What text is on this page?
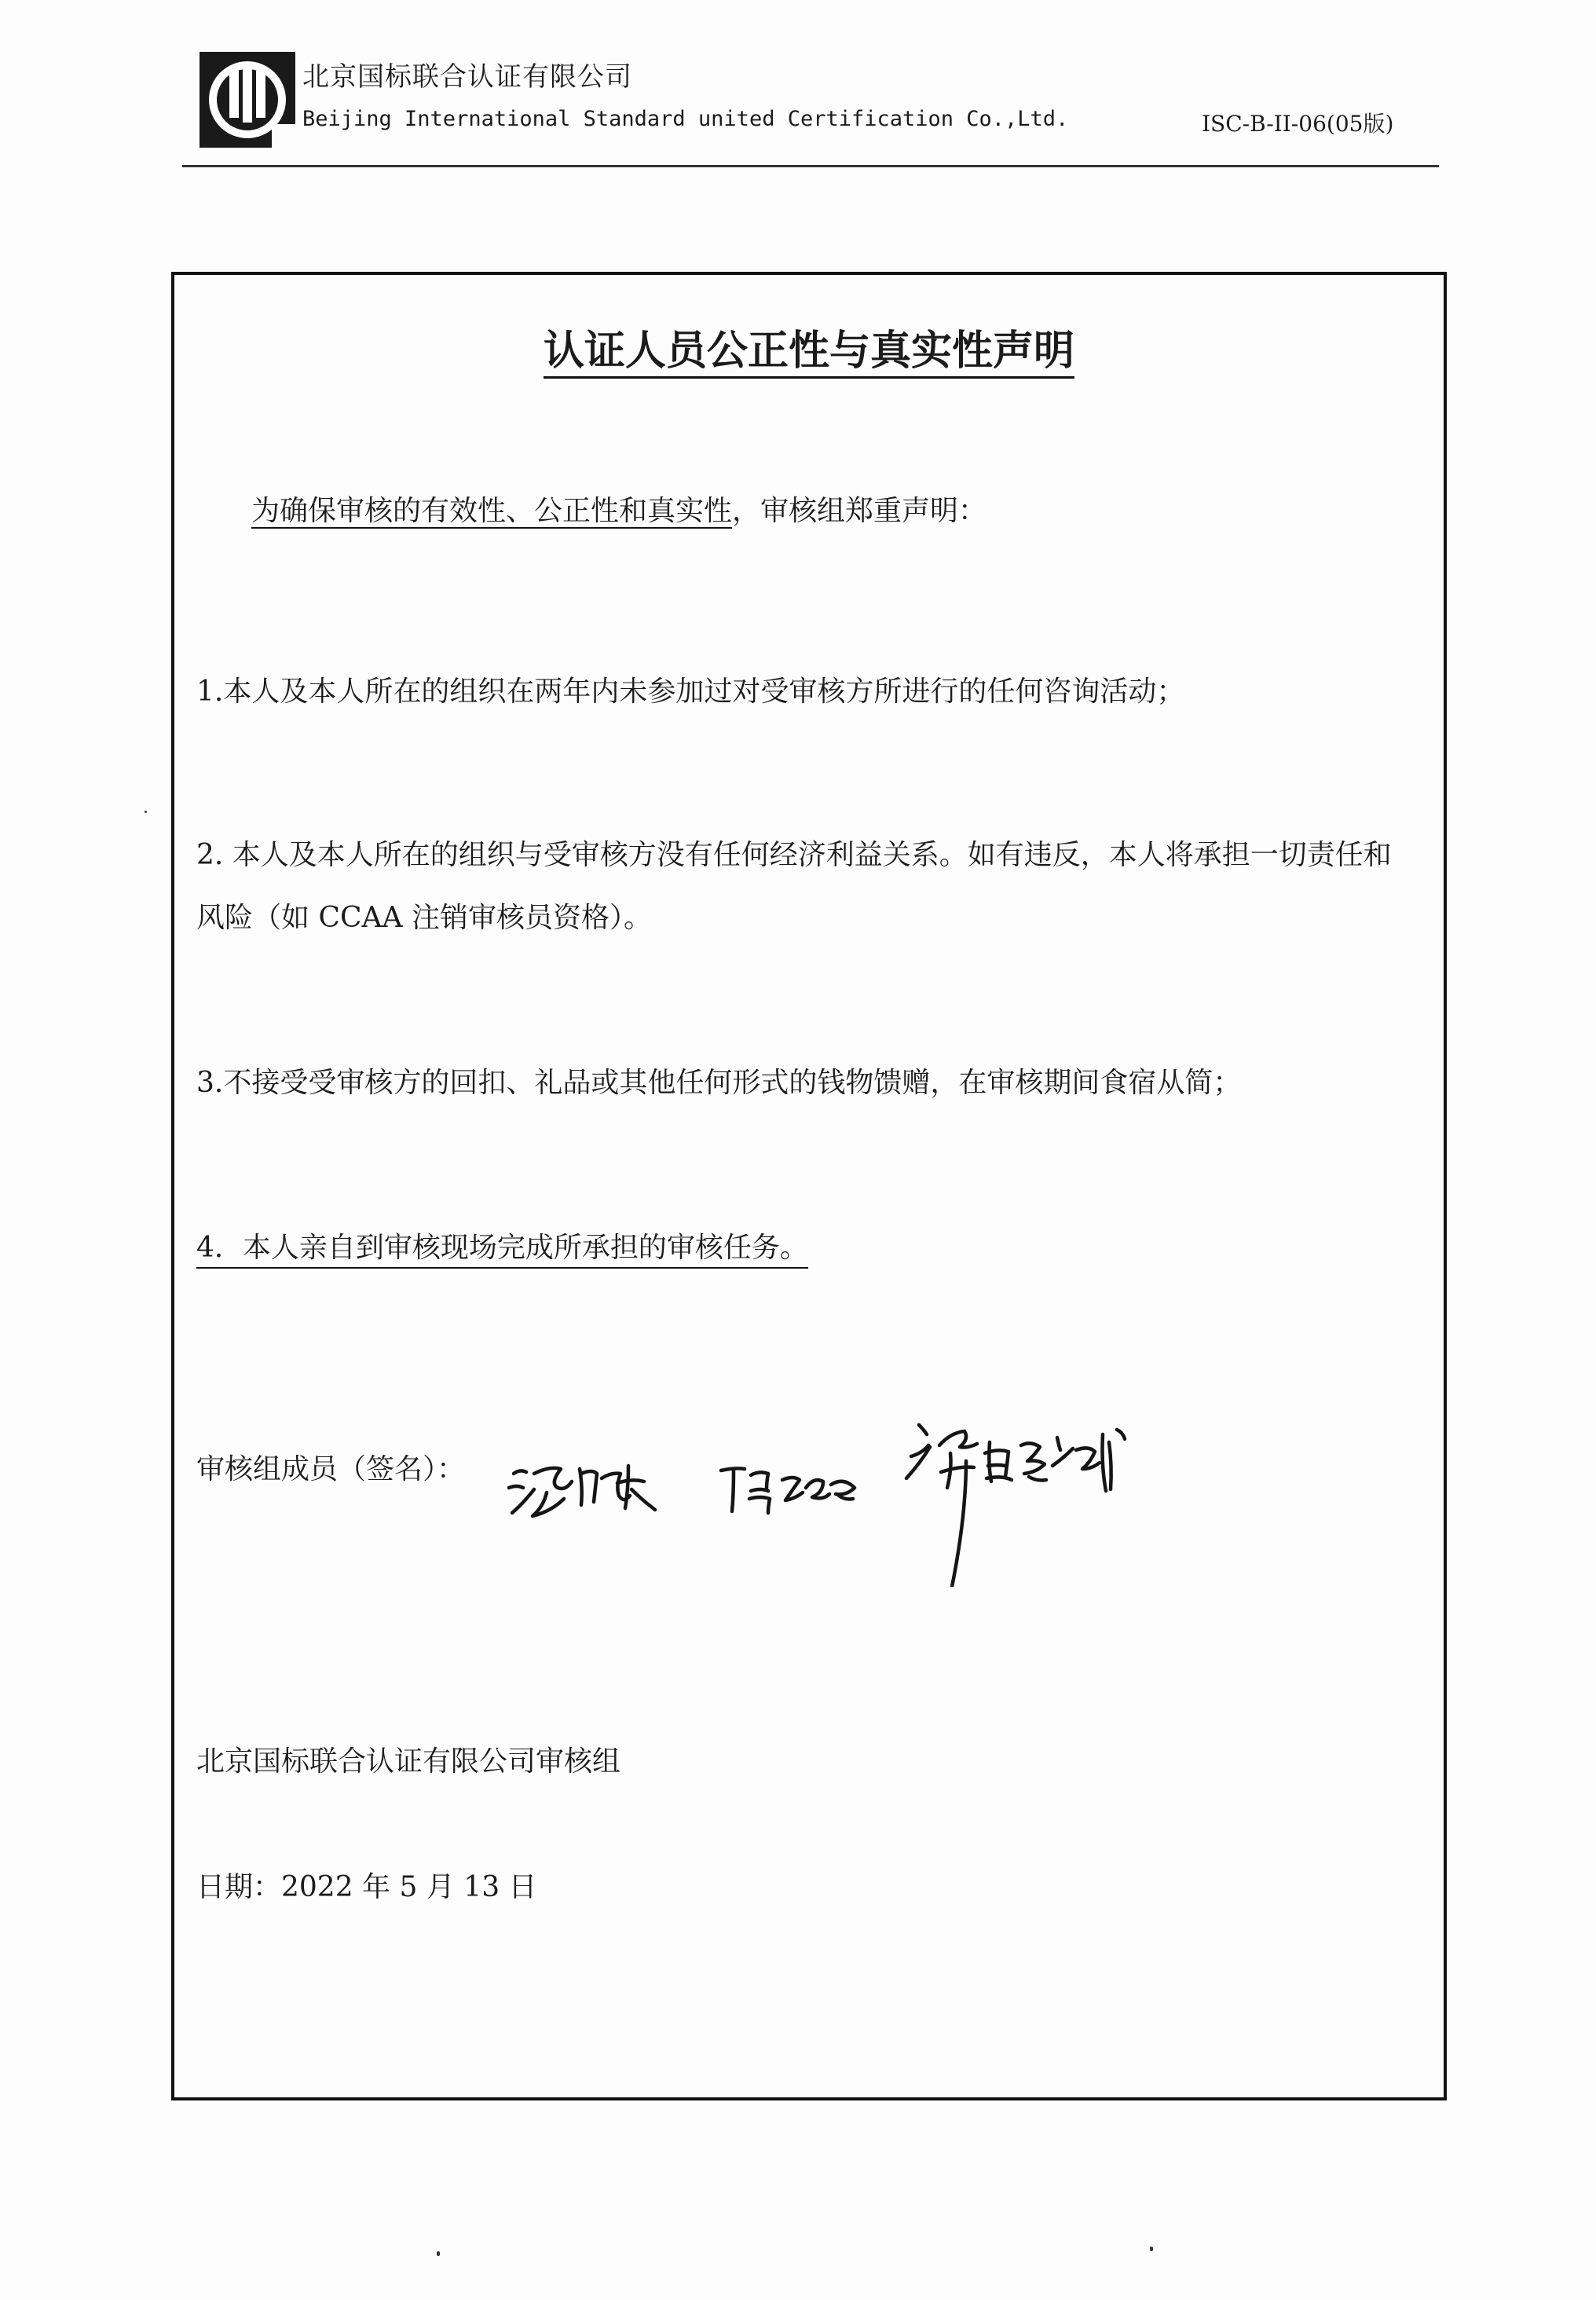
北京国标联合认证有限公司
Beijing International Standard united Certification Co.,Ltd.	ISC-B-II-06(05版)
认证人员公正性与真实性声明
为确保审核的有效性、公正性和真实性，审核组郑重声明：
1.本人及本人所在的组织在两年内未参加过对受审核方所进行的任何咨询活动；
2. 本人及本人所在的组织与受审核方没有任何经济利益关系。如有违反，本人将承担一切责任和
风险（如 CCAA 注销审核员资格）。
3.不接受受审核方的回扣、礼品或其他任何形式的钱物馈赠，在审核期间食宿从简；
4．本人亲自到审核现场完成所承担的审核任务。
审核组成员（签名）：
北京国标联合认证有限公司审核组
日期：2022 年 5 月 13 日
